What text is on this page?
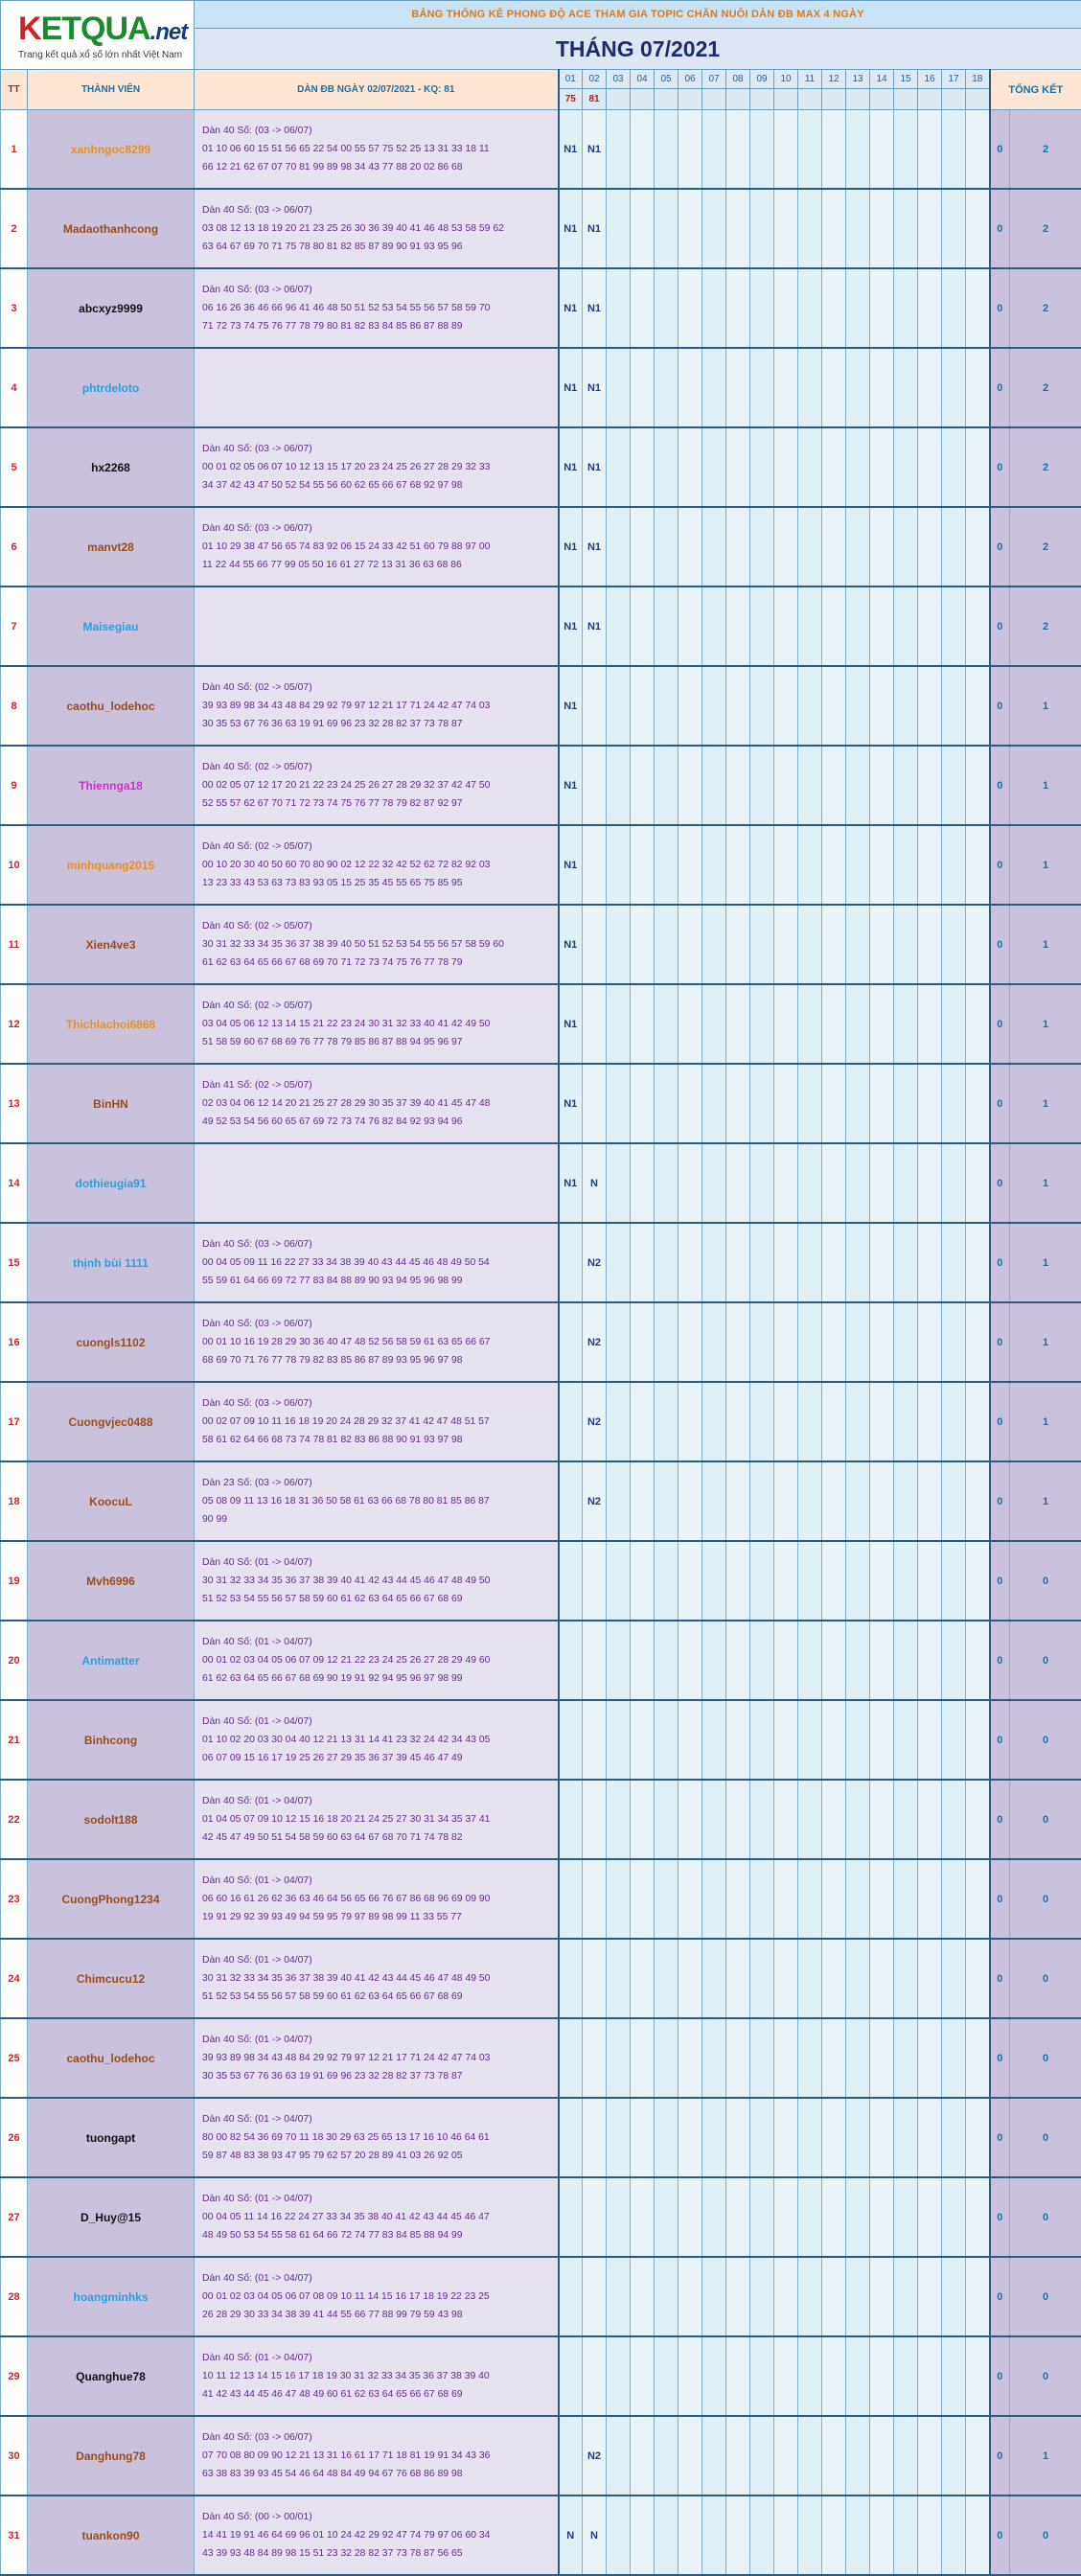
KETQUA.net
Trang kết quả xổ số lớn nhất Việt Nam		BẢNG THỐNG KÊ PHONG ĐỘ ACE THAM GIA TOPIC CHĂN NUÔI DÀN ĐB MAX 4 NGÀY																				
		THÁNG 07/2021																				
TT	THÀNH VIÊN	DÀN ĐB NGÀY 02/07/2021 - KQ: 81	01	02	03	04	05	06	07	08	09	10	11	12	13	14	15	16	17	18	TỔNG KẾT	
			75	81																		
1	xanhngoc8299	Dàn 40 Số: (03 -> 06/07)
01 10 06 60 15 51 56 65 22 54 00 55 57 75 52 25 13 31 33 18 11
66 12 21 62 67 07 70 81 99 89 98 34 43 77 88 20 02 86 68	N1	N1																	0	2
2	Madaothanhcong	Dàn 40 Số: (03 -> 06/07)
03 08 12 13 18 19 20 21 23 25 26 30 36 39 40 41 46 48 53 58 59 62
63 64 67 69 70 71 75 78 80 81 82 85 87 89 90 91 93 95 96	N1	N1																	0	2
3	abcxyz9999	Dàn 40 Số: (03 -> 06/07)
06 16 26 36 46 66 96 41 46 48 50 51 52 53 54 55 56 57 58 59 70
71 72 73 74 75 76 77 78 79 80 81 82 83 84 85 86 87 88 89	N1	N1																	0	2
4	phtrdeloto		N1	N1																	0	2
5	hx2268	Dàn 40 Số: (03 -> 06/07)
00 01 02 05 06 07 10 12 13 15 17 20 23 24 25 26 27 28 29 32 33
34 37 42 43 47 50 52 54 55 56 60 62 65 66 67 68 92 97 98	N1	N1																	0	2
6	manvt28	Dàn 40 Số: (03 -> 06/07)
01 10 29 38 47 56 65 74 83 92 06 15 24 33 42 51 60 79 88 97 00
11 22 44 55 66 77 99 05 50 16 61 27 72 13 31 36 63 68 86	N1	N1																	0	2
7	Maisegiau		N1	N1																	0	2
8	caothu_lodehoc	Dàn 40 Số: (02 -> 05/07)
39 93 89 98 34 43 48 84 29 92 79 97 12 21 17 71 24 42 47 74 03
30 35 53 67 76 36 63 19 91 69 96 23 32 28 82 37 73 78 87	N1																		0	1
9	Thiennga18	Dàn 40 Số: (02 -> 05/07)
00 02 05 07 12 17 20 21 22 23 24 25 26 27 28 29 32 37 42 47 50
52 55 57 62 67 70 71 72 73 74 75 76 77 78 79 82 87 92 97	N1																		0	1
10	minhquang2015	Dàn 40 Số: (02 -> 05/07)
00 10 20 30 40 50 60 70 80 90 02 12 22 32 42 52 62 72 82 92 03
13 23 33 43 53 63 73 83 93 05 15 25 35 45 55 65 75 85 95	N1																		0	1
11	Xien4ve3	Dàn 40 Số: (02 -> 05/07)
30 31 32 33 34 35 36 37 38 39 40 50 51 52 53 54 55 56 57 58 59 60
61 62 63 64 65 66 67 68 69 70 71 72 73 74 75 76 77 78 79	N1																		0	1
12	Thichlachoi6868	Dàn 40 Số: (02 -> 05/07)
03 04 05 06 12 13 14 15 21 22 23 24 30 31 32 33 40 41 42 49 50
51 58 59 60 67 68 69 76 77 78 79 85 86 87 88 94 95 96 97	N1																		0	1
13	BinHN	Dàn 41 Số: (02 -> 05/07)
02 03 04 06 12 14 20 21 25 27 28 29 30 35 37 39 40 41 45 47 48
49 52 53 54 56 60 65 67 69 72 73 74 76 82 84 92 93 94 96	N1																		0	1
14	dothieugia91		N1	N																	0	1
15	thịnh bùi 1111	Dàn 40 Số: (03 -> 06/07)
00 04 05 09 11 16 22 27 33 34 38 39 40 43 44 45 46 48 49 50 54
55 59 61 64 66 69 72 77 83 84 88 89 90 93 94 95 96 98 99		N2																	0	1
16	cuongls1102	Dàn 40 Số: (03 -> 06/07)
00 01 10 16 19 28 29 30 36 40 47 48 52 56 58 59 61 63 65 66 67
68 69 70 71 76 77 78 79 82 83 85 86 87 89 93 95 96 97 98		N2																	0	1
17	Cuongvjec0488	Dàn 40 Số: (03 -> 06/07)
00 02 07 09 10 11 16 18 19 20 24 28 29 32 37 41 42 47 48 51 57
58 61 62 64 66 68 73 74 78 81 82 83 86 88 90 91 93 97 98		N2																	0	1
18	KoocuL	Dàn 23 Số: (03 -> 06/07)
05 08 09 11 13 16 18 31 36 50 58 61 63 66 68 78 80 81 85 86 87
90 99		N2																	0	1
19	Mvh6996	Dàn 40 Số: (01 -> 04/07)
30 31 32 33 34 35 36 37 38 39 40 41 42 43 44 45 46 47 48 49 50
51 52 53 54 55 56 57 58 59 60 61 62 63 64 65 66 67 68 69																			0	0
20	Antimatter	Dàn 40 Số: (01 -> 04/07)
00 01 02 03 04 05 06 07 09 12 21 22 23 24 25 26 27 28 29 49 60
61 62 63 64 65 66 67 68 69 90 19 91 92 94 95 96 97 98 99																			0	0
21	Binhcong	Dàn 40 Số: (01 -> 04/07)
01 10 02 20 03 30 04 40 12 21 13 31 14 41 23 32 24 42 34 43 05
06 07 09 15 16 17 19 25 26 27 29 35 36 37 39 45 46 47 49																			0	0
22	sodolt188	Dàn 40 Số: (01 -> 04/07)
01 04 05 07 09 10 12 15 16 18 20 21 24 25 27 30 31 34 35 37 41
42 45 47 49 50 51 54 58 59 60 63 64 67 68 70 71 74 78 82																			0	0
23	CuongPhong1234	Dàn 40 Số: (01 -> 04/07)
06 60 16 61 26 62 36 63 46 64 56 65 66 76 67 86 68 96 69 09 90
19 91 29 92 39 93 49 94 59 95 79 97 89 98 99 11 33 55 77																			0	0
24	Chimcucu12	Dàn 40 Số: (01 -> 04/07)
30 31 32 33 34 35 36 37 38 39 40 41 42 43 44 45 46 47 48 49 50
51 52 53 54 55 56 57 58 59 60 61 62 63 64 65 66 67 68 69																			0	0
25	caothu_lodehoc	Dàn 40 Số: (01 -> 04/07)
39 93 89 98 34 43 48 84 29 92 79 97 12 21 17 71 24 42 47 74 03
30 35 53 67 76 36 63 19 91 69 96 23 32 28 82 37 73 78 87																			0	0
26	tuongapt	Dàn 40 Số: (01 -> 04/07)
80 00 82 54 36 69 70 11 18 30 29 63 25 65 13 17 16 10 46 64 61
59 87 48 83 38 93 47 95 79 62 57 20 28 89 41 03 26 92 05																			0	0
27	D_Huy@15	Dàn 40 Số: (01 -> 04/07)
00 04 05 11 14 16 22 24 27 33 34 35 38 40 41 42 43 44 45 46 47
48 49 50 53 54 55 58 61 64 66 72 74 77 83 84 85 88 94 99																			0	0
28	hoangminhks	Dàn 40 Số: (01 -> 04/07)
00 01 02 03 04 05 06 07 08 09 10 11 14 15 16 17 18 19 22 23 25
26 28 29 30 33 34 38 39 41 44 55 66 77 88 99 79 59 43 98																			0	0
29	Quanghue78	Dàn 40 Số: (01 -> 04/07)
10 11 12 13 14 15 16 17 18 19 30 31 32 33 34 35 36 37 38 39 40
41 42 43 44 45 46 47 48 49 60 61 62 63 64 65 66 67 68 69																			0	0
30	Danghung78	Dàn 40 Số: (03 -> 06/07)
07 70 08 80 09 90 12 21 13 31 16 61 17 71 18 81 19 91 34 43 36
63 38 83 39 93 45 54 46 64 48 84 49 94 67 76 68 86 89 98		N2																	0	1
31	tuankon90	Dàn 40 Số: (00 -> 00/01)
14 41 19 91 46 64 69 96 01 10 24 42 29 92 47 74 79 97 06 60 34
43 39 93 48 84 89 98 15 51 23 32 28 82 37 73 78 87 56 65	N	N																	0	0
